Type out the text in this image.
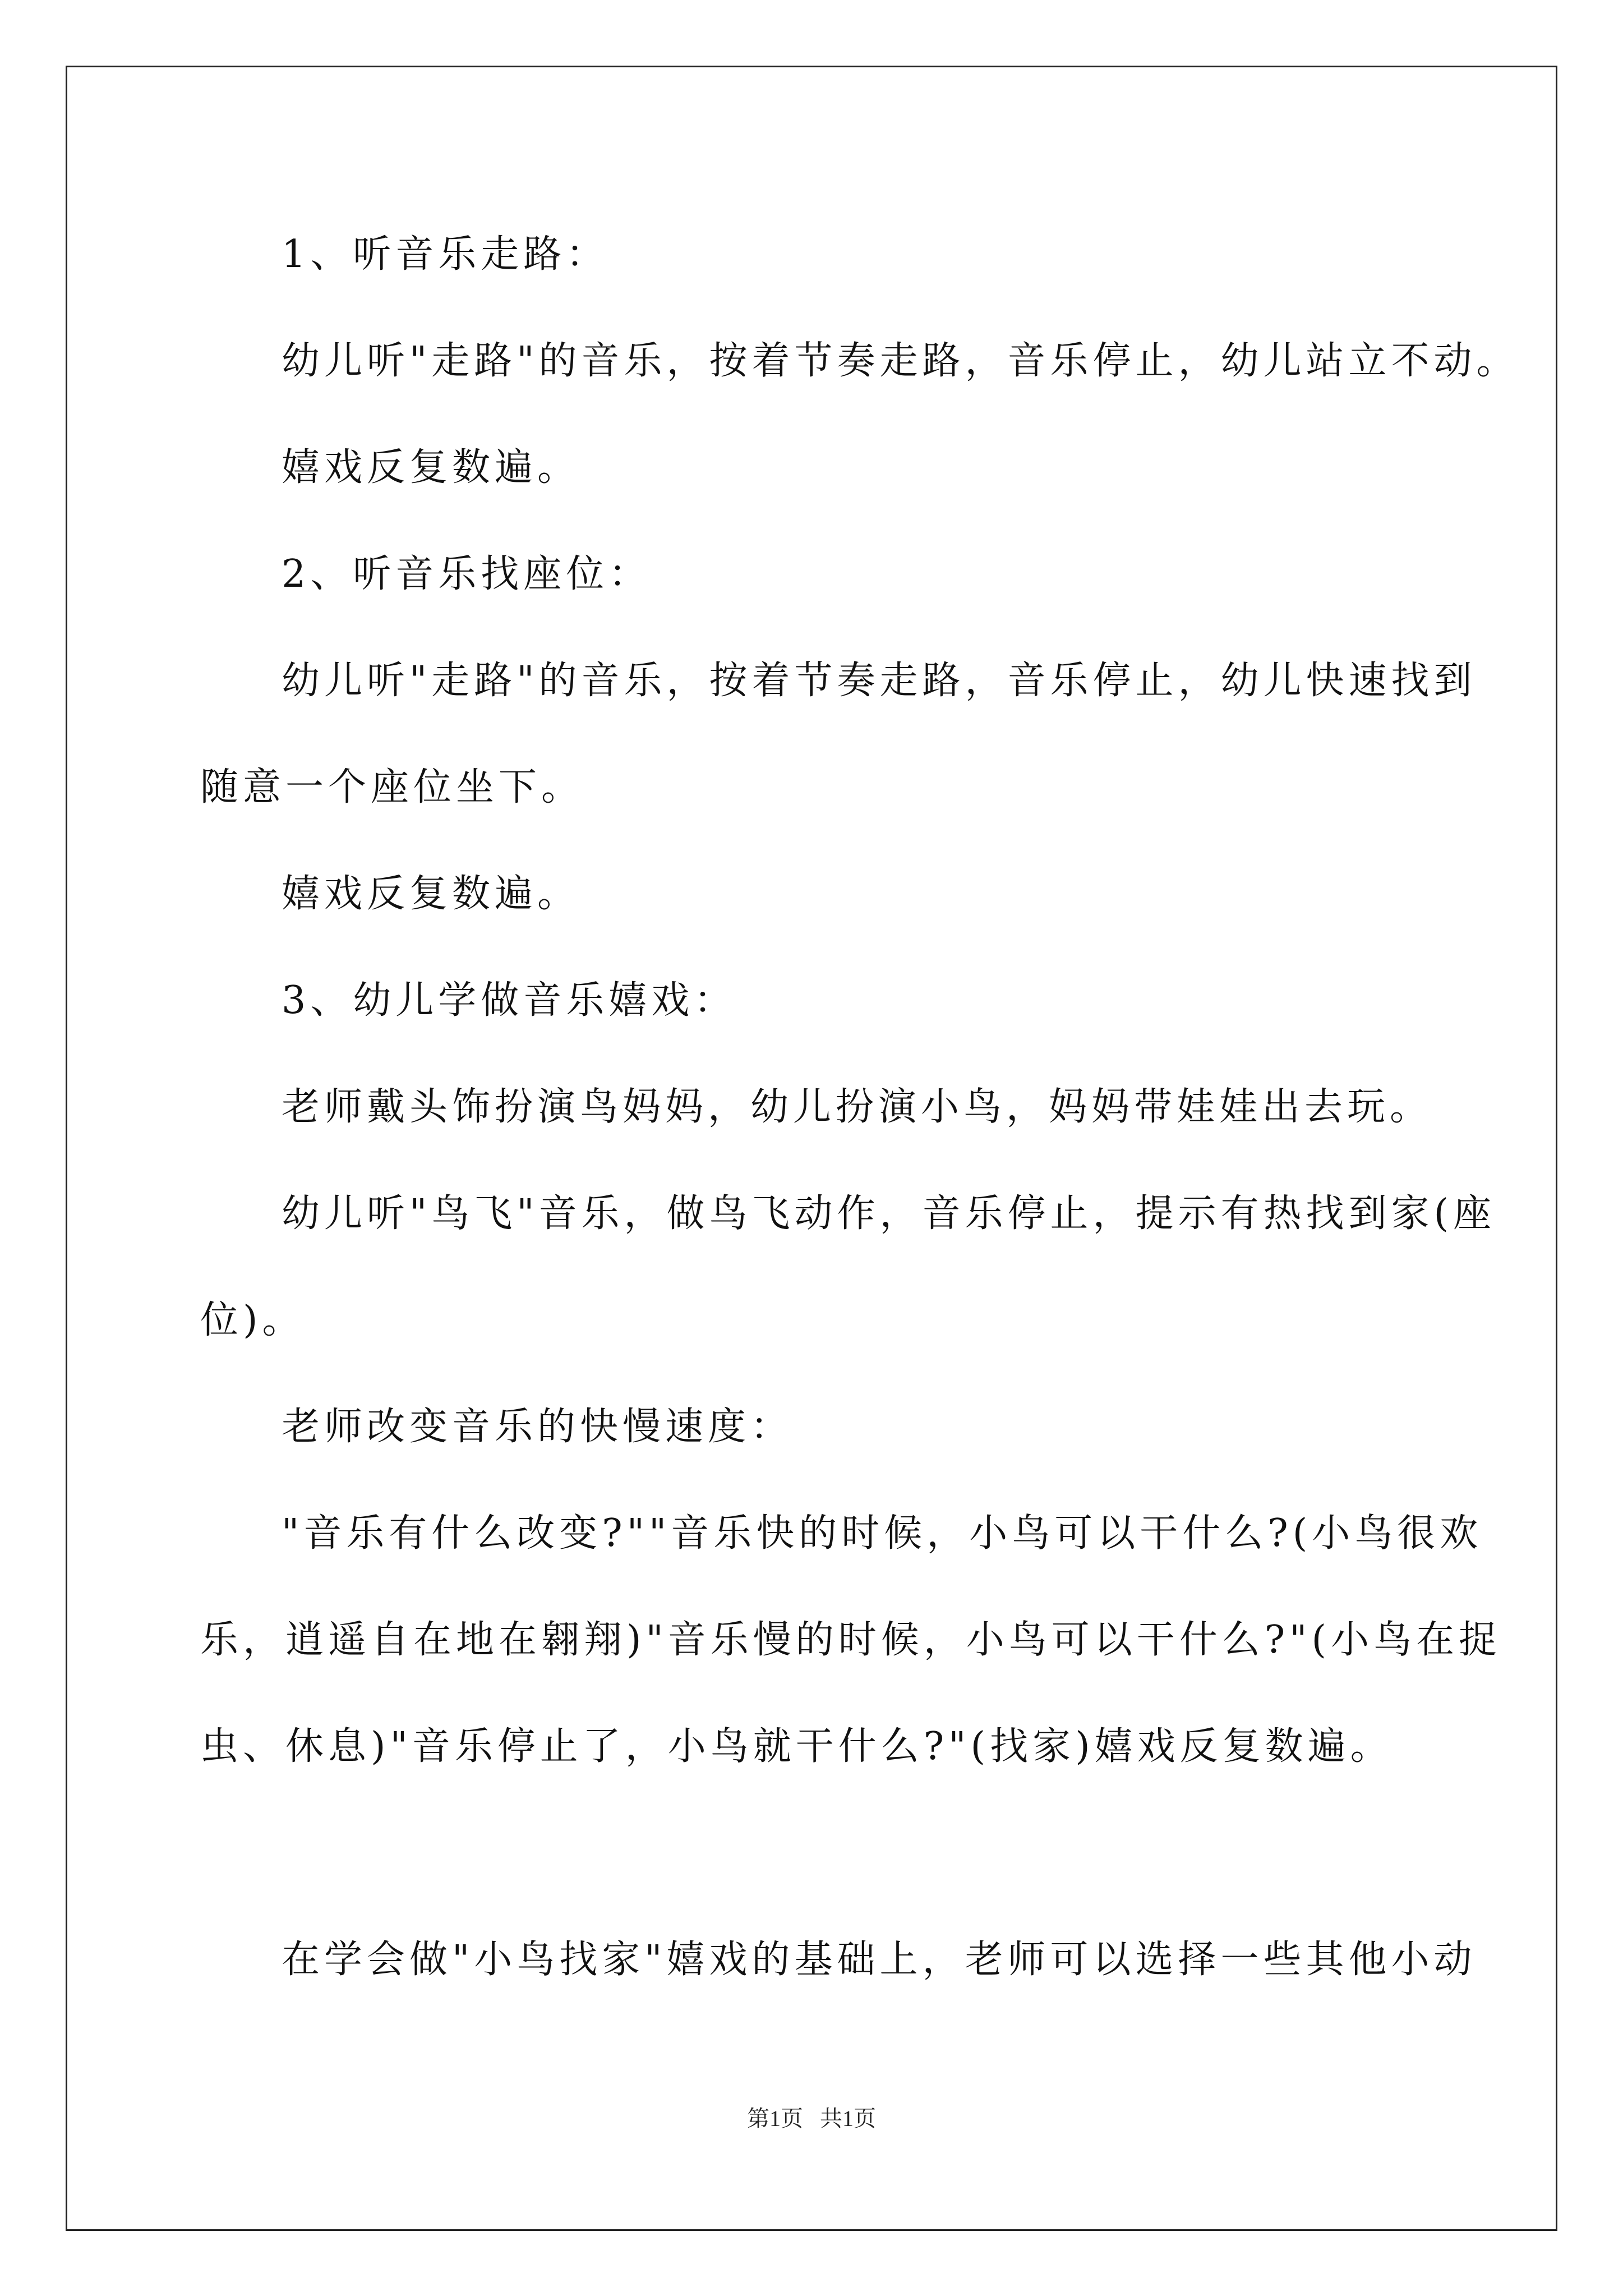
1、听音乐走路：
幼儿听"走路"的音乐，按着节奏走路，音乐停止，幼儿站立不动。
嬉戏反复数遍。
2、听音乐找座位：
幼儿听"走路"的音乐，按着节奏走路，音乐停止，幼儿快速找到
随意一个座位坐下。
嬉戏反复数遍。
3、幼儿学做音乐嬉戏：
老师戴头饰扮演鸟妈妈，幼儿扮演小鸟，妈妈带娃娃出去玩。
幼儿听"鸟飞"音乐，做鸟飞动作，音乐停止，提示有热找到家(座
位)。
老师改变音乐的快慢速度：
"音乐有什么改变?""音乐快的时候，小鸟可以干什么?(小鸟很欢
乐，逍遥自在地在翱翔)"音乐慢的时候，小鸟可以干什么?"(小鸟在捉
虫、休息)"音乐停止了，小鸟就干什么?"(找家)嬉戏反复数遍。
在学会做"小鸟找家"嬉戏的基础上，老师可以选择一些其他小动
第1页   共1页
